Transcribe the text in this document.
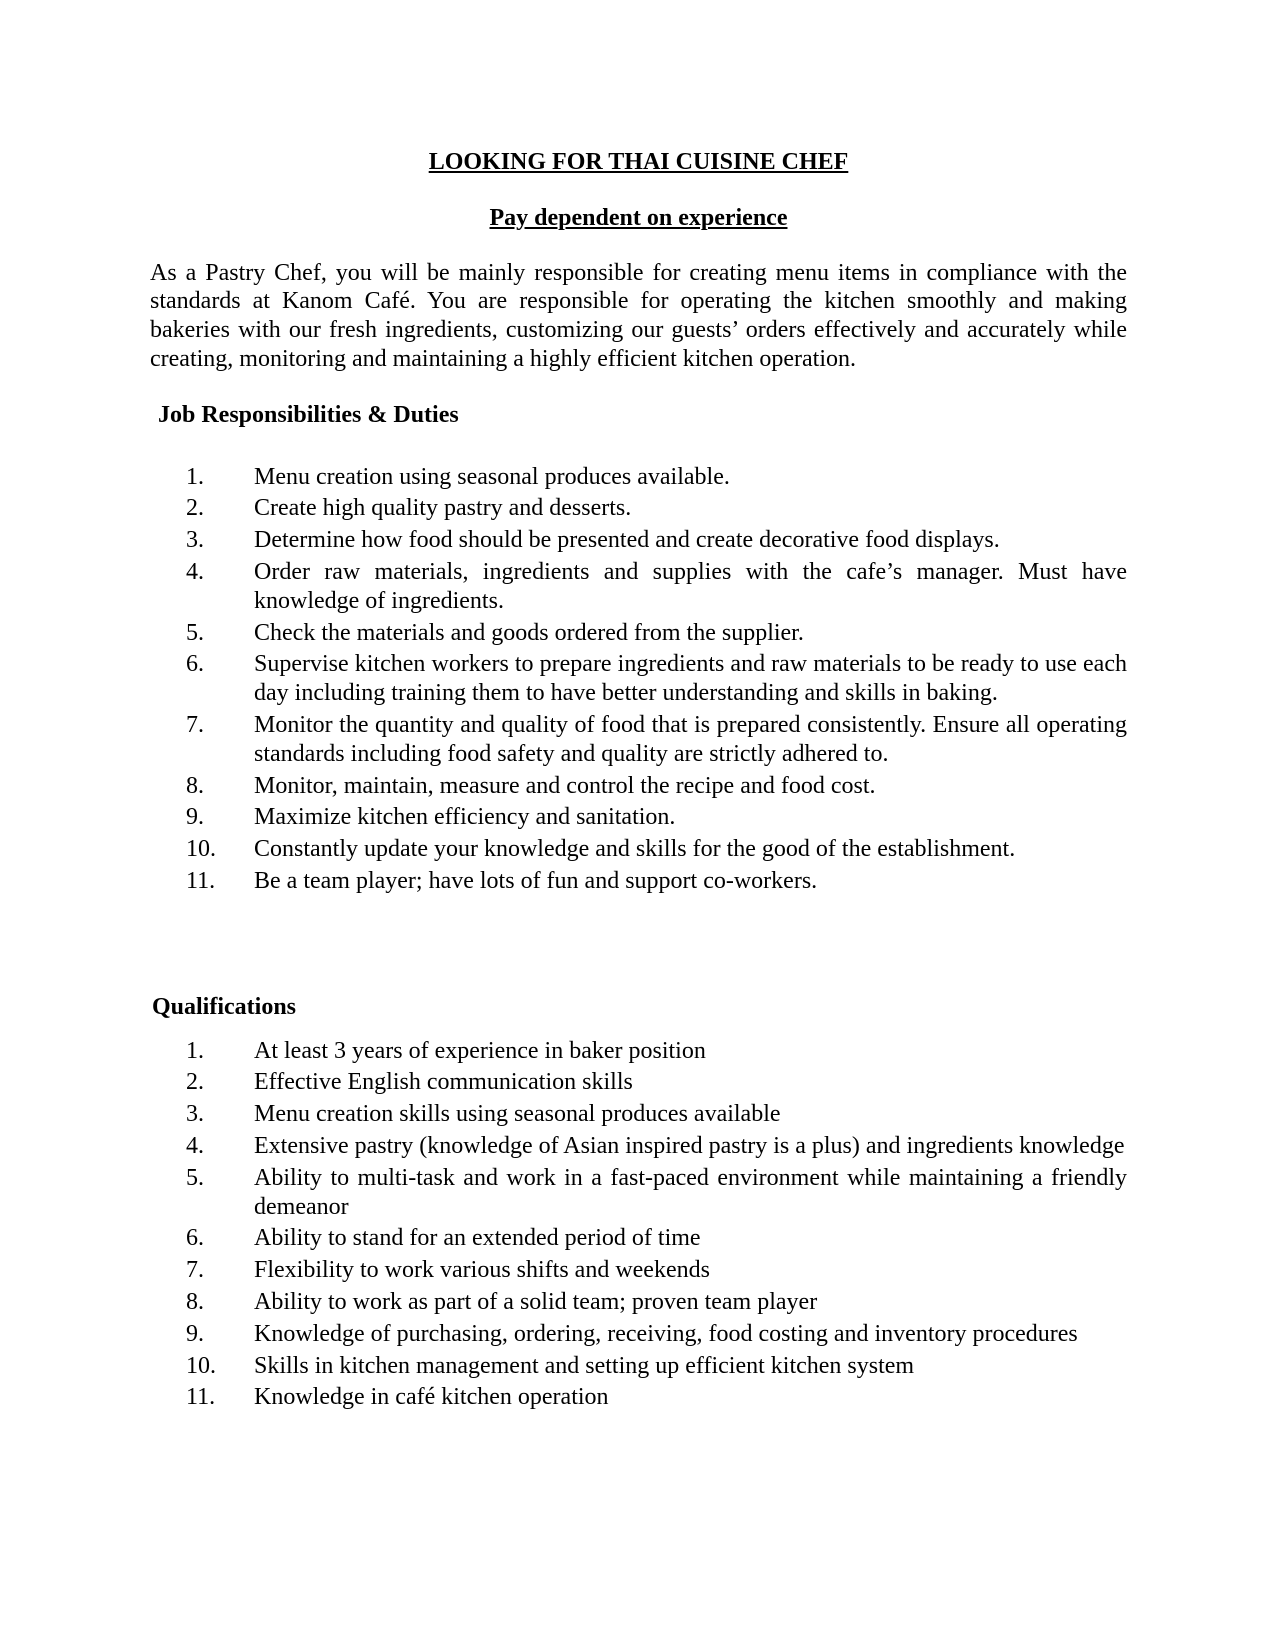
LOOKING FOR THAI CUISINE CHEF
Pay dependent on experience

As a Pastry Chef, you will be mainly responsible for creating menu items in compliance with the standards at Kanom Café. You are responsible for operating the kitchen smoothly and making bakeries with our fresh ingredients, customizing our guests’ orders effectively and accurately while creating, monitoring and maintaining a highly efficient kitchen operation.

Job Responsibilities & Duties
1.	Menu creation using seasonal produces available.
2.	Create high quality pastry and desserts.
3.	Determine how food should be presented and create decorative food displays.
4.	Order raw materials, ingredients and supplies with the cafe’s manager. Must have knowledge of ingredients.
5.	Check the materials and goods ordered from the supplier.
6.	Supervise kitchen workers to prepare ingredients and raw materials to be ready to use each day including training them to have better understanding and skills in baking.
7.	Monitor the quantity and quality of food that is prepared consistently. Ensure all operating standards including food safety and quality are strictly adhered to.
8.	Monitor, maintain, measure and control the recipe and food cost.
9.	Maximize kitchen efficiency and sanitation.
10.	Constantly update your knowledge and skills for the good of the establishment.
11.	Be a team player; have lots of fun and support co-workers.
Qualifications
1.	At least 3 years of experience in baker position
2.	Effective English communication skills
3.	Menu creation skills using seasonal produces available
4.	Extensive pastry (knowledge of Asian inspired pastry is a plus) and ingredients knowledge
5.	Ability to multi-task and work in a fast-paced environment while maintaining a friendly demeanor
6.	Ability to stand for an extended period of time
7.	Flexibility to work various shifts and weekends
8.	Ability to work as part of a solid team; proven team player
9.	Knowledge of purchasing, ordering, receiving, food costing and inventory procedures
10.	Skills in kitchen management and setting up efficient kitchen system
11.	Knowledge in café kitchen operation
